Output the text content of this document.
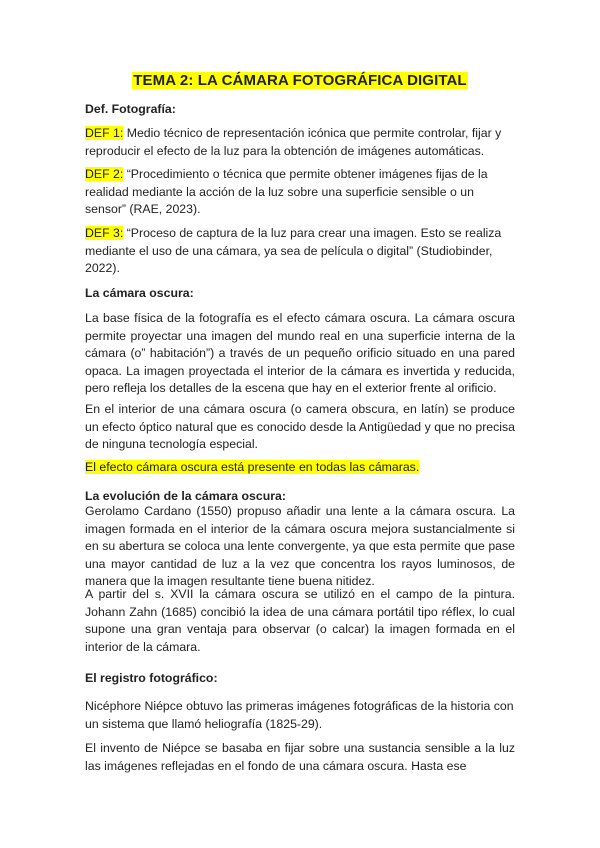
TEMA 2: LA CÁMARA FOTOGRÁFICA DIGITAL

Def. Fotografía:

DEF 1: Medio técnico de representación icónica que permite controlar, fijar y reproducir el efecto de la luz para la obtención de imágenes automáticas.

DEF 2: “Procedimiento o técnica que permite obtener imágenes fijas de la realidad mediante la acción de la luz sobre una superficie sensible o un sensor” (RAE, 2023).

DEF 3: “Proceso de captura de la luz para crear una imagen. Esto se realiza mediante el uso de una cámara, ya sea de película o digital” (Studiobinder, 2022).

La cámara oscura:

La base física de la fotografía es el efecto cámara oscura. La cámara oscura permite proyectar una imagen del mundo real en una superficie interna de la cámara (o” habitación”) a través de un pequeño orificio situado en una pared opaca. La imagen proyectada el interior de la cámara es invertida y reducida, pero refleja los detalles de la escena que hay en el exterior frente al orificio.

En el interior de una cámara oscura (o camera obscura, en latín) se produce un efecto óptico natural que es conocido desde la Antigüedad y que no precisa de ninguna tecnología especial.

El efecto cámara oscura está presente en todas las cámaras.

La evolución de la cámara oscura:

Gerolamo Cardano (1550) propuso añadir una lente a la cámara oscura. La imagen formada en el interior de la cámara oscura mejora sustancialmente si en su abertura se coloca una lente convergente, ya que esta permite que pase una mayor cantidad de luz a la vez que concentra los rayos luminosos, de manera que la imagen resultante tiene buena nitidez.

A partir del s. XVII la cámara oscura se utilizó en el campo de la pintura. Johann Zahn (1685) concibió la idea de una cámara portátil tipo réflex, lo cual supone una gran ventaja para observar (o calcar) la imagen formada en el interior de la cámara.

El registro fotográfico:

Nicéphore Niépce obtuvo las primeras imágenes fotográficas de la historia con un sistema que llamó heliografía (1825-29).

El invento de Niépce se basaba en fijar sobre una sustancia sensible a la luz las imágenes reflejadas en el fondo de una cámara oscura. Hasta ese
